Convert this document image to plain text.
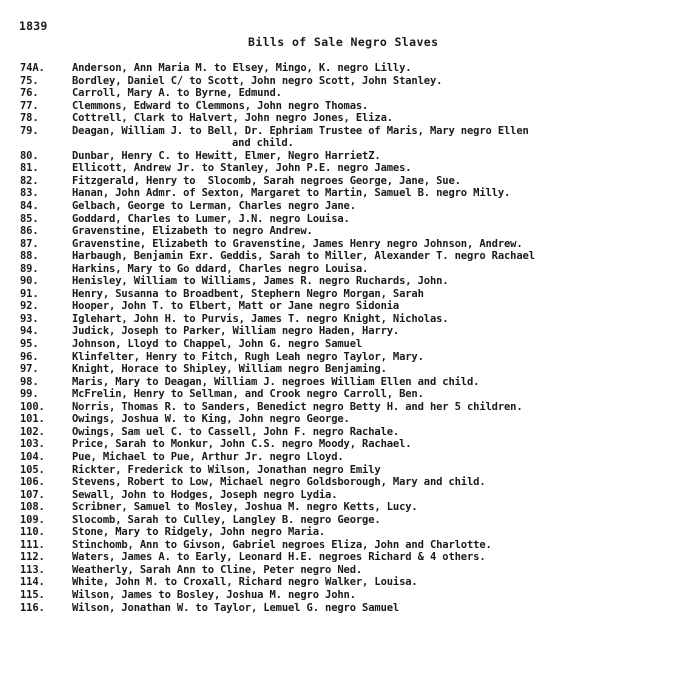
1839
Bills of Sale Negro Slaves
74A.	Anderson, Ann Maria M. to Elsey, Mingo, K. negro Lilly.
75.	Bordley, Daniel C/ to Scott, John negro Scott, John Stanley.
76.	Carroll, Mary A. to Byrne, Edmund.
77.	Clemmons, Edward to Clemmons, John negro Thomas.
78.	Cottrell, Clark to Halvert, John negro Jones, Eliza.
79.	Deagan, William J. to Bell, Dr. Ephriam Trustee of Maris, Mary negro Ellen
and child.
80.	Dunbar, Henry C. to Hewitt, Elmer, Negro HarrietZ.
81.	Ellicott, Andrew Jr. to Stanley, John P.E. negro James.
82.	Fitzgerald, Henry to  Slocomb, Sarah negroes George, Jane, Sue.
83.	Hanan, John Admr. of Sexton, Margaret to Martin, Samuel B. negro Milly.
84.	Gelbach, George to Lerman, Charles negro Jane.
85.	Goddard, Charles to Lumer, J.N. negro Louisa.
86.	Gravenstine, Elizabeth to negro Andrew.
87.	Gravenstine, Elizabeth to Gravenstine, James Henry negro Johnson, Andrew.
88.	Harbaugh, Benjamin Exr. Geddis, Sarah to Miller, Alexander T. negro Rachael
89.	Harkins, Mary to Go ddard, Charles negro Louisa.
90.	Henisley, William to Williams, James R. negro Ruchards, John.
91.	Henry, Susanna to Broadbent, Stephern Negro Morgan, Sarah
92.	Hooper, John T. to Elbert, Matt or Jane negro Sidonia
93.	Iglehart, John H. to Purvis, James T. negro Knight, Nicholas.
94.	Judick, Joseph to Parker, William negro Haden, Harry.
95.	Johnson, Lloyd to Chappel, John G. negro Samuel
96.	Klinfelter, Henry to Fitch, Rugh Leah negro Taylor, Mary.
97.	Knight, Horace to Shipley, William negro Benjaming.
98.	Maris, Mary to Deagan, William J. negroes William Ellen and child.
99.	McFrelin, Henry to Sellman, and Crook negro Carroll, Ben.
100.	Norris, Thomas R. to Sanders, Benedict negro Betty H. and her 5 children.
101.	Owings, Joshua W. to King, John negro George.
102.	Owings, Sam uel C. to Cassell, John F. negro Rachale.
103.	Price, Sarah to Monkur, John C.S. negro Moody, Rachael.
104.	Pue, Michael to Pue, Arthur Jr. negro Lloyd.
105.	Rickter, Frederick to Wilson, Jonathan negro Emily
106.	Stevens, Robert to Low, Michael negro Goldsborough, Mary and child.
107.	Sewall, John to Hodges, Joseph negro Lydia.
108.	Scribner, Samuel to Mosley, Joshua M. negro Ketts, Lucy.
109.	Slocomb, Sarah to Culley, Langley B. negro George.
110.	Stone, Mary to Ridgely, John negro Maria.
111.	Stinchomb, Ann to Givson, Gabriel negroes Eliza, John and Charlotte.
112.	Waters, James A. to Early, Leonard H.E. negroes Richard & 4 others.
113.	Weatherly, Sarah Ann to Cline, Peter negro Ned.
114.	White, John M. to Croxall, Richard negro Walker, Louisa.
115.	Wilson, James to Bosley, Joshua M. negro John.
116.	Wilson, Jonathan W. to Taylor, Lemuel G. negro Samuel
